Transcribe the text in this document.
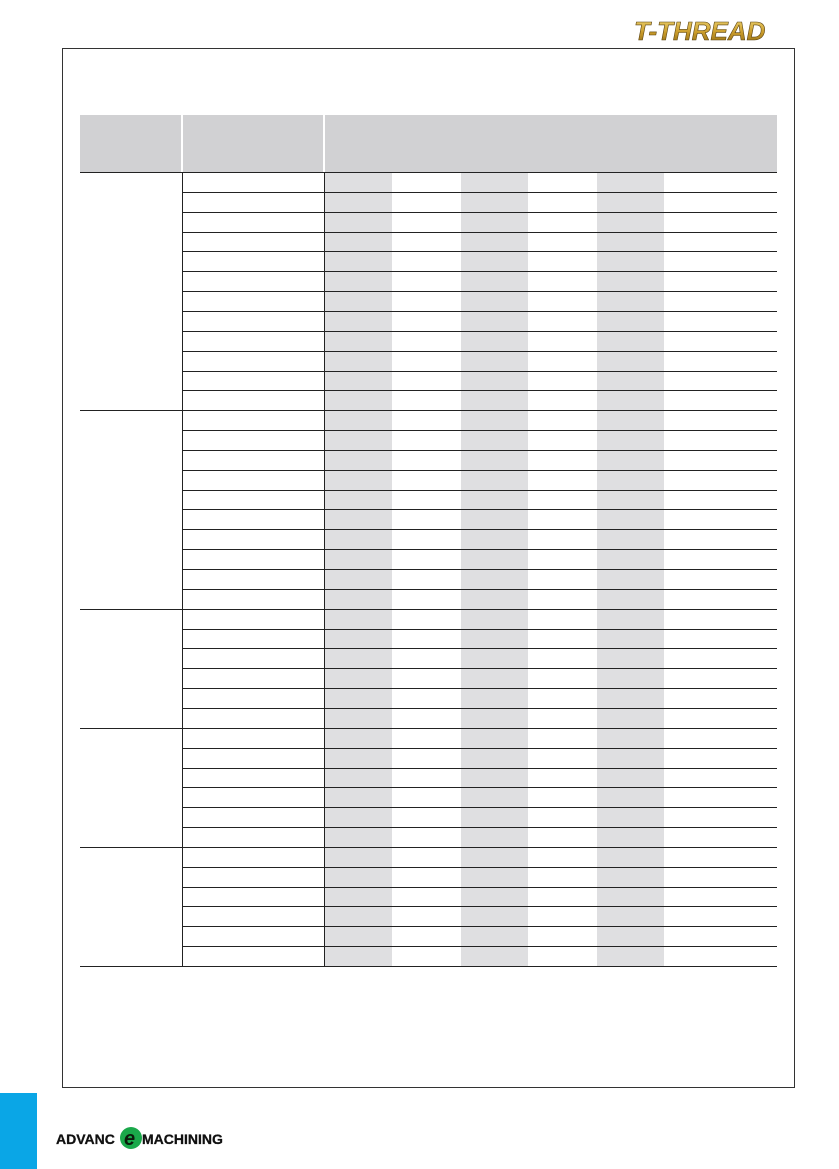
T-THREAD
ADVANC e MACHINING
